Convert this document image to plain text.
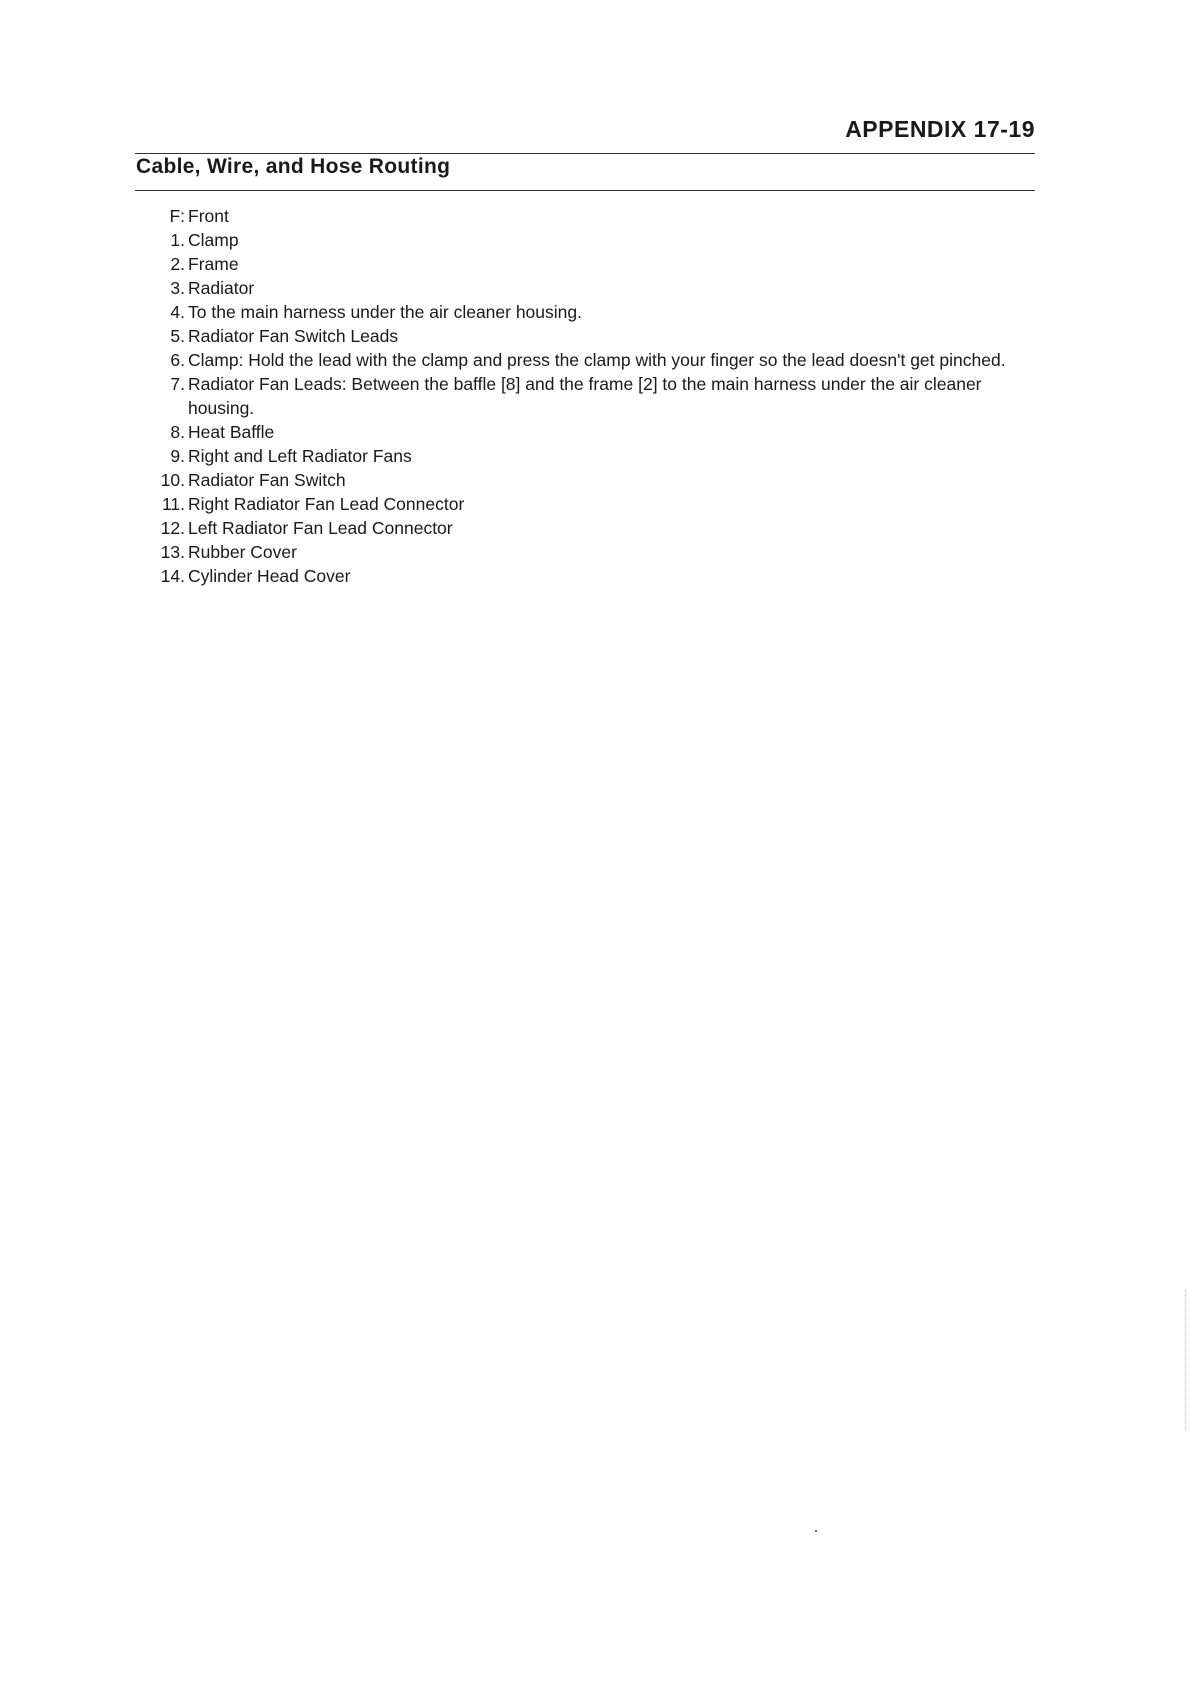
APPENDIX 17-19
Cable, Wire, and Hose Routing
F: Front
1. Clamp
2. Frame
3. Radiator
4. To the main harness under the air cleaner housing.
5. Radiator Fan Switch Leads
6. Clamp: Hold the lead with the clamp and press the clamp with your finger so the lead doesn't get pinched.
7. Radiator Fan Leads: Between the baffle [8] and the frame [2] to the main harness under the air cleaner housing.
8. Heat Baffle
9. Right and Left Radiator Fans
10. Radiator Fan Switch
11. Right Radiator Fan Lead Connector
12. Left Radiator Fan Lead Connector
13. Rubber Cover
14. Cylinder Head Cover
